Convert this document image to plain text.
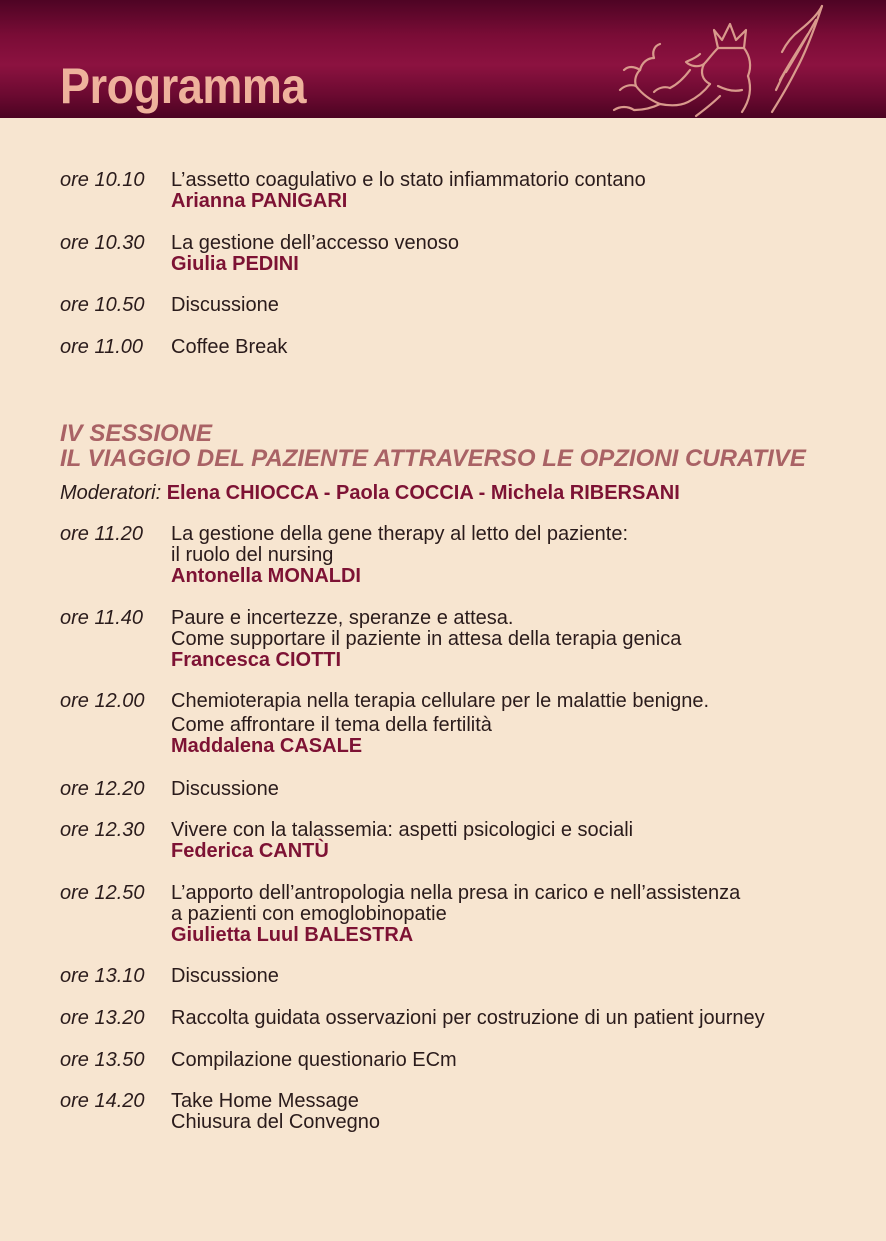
Programma
ore 10.10	L’assetto coagulativo e lo stato infiammatorio contano
Arianna PANIGARI
ore 10.30	La gestione dell’accesso venoso
Giulia PEDINI
ore 10.50	Discussione
ore 11.00	Coffee Break
IV SESSIONE
IL VIAGGIO DEL PAZIENTE ATTRAVERSO LE OPZIONI CURATIVE
Moderatori: Elena CHIOCCA - Paola COCCIA - Michela RIBERSANI
ore 11.20	La gestione della gene therapy al letto del paziente:
il ruolo del nursing
Antonella MONALDI
ore 11.40	Paure e incertezze, speranze e attesa.
Come supportare il paziente in attesa della terapia genica
Francesca CIOTTI
ore 12.00	Chemioterapia nella terapia cellulare per le malattie benigne.
Come affrontare il tema della fertilità
Maddalena CASALE
ore 12.20	Discussione
ore 12.30	Vivere con la talassemia: aspetti psicologici e sociali
Federica CANTÙ
ore 12.50	L’apporto dell’antropologia nella presa in carico e nell’assistenza
a pazienti con emoglobinopatie
Giulietta Luul BALESTRA
ore 13.10	Discussione
ore 13.20	Raccolta guidata osservazioni per costruzione di un patient journey
ore 13.50	Compilazione questionario ECm
ore 14.20	Take Home Message
Chiusura del Convegno
